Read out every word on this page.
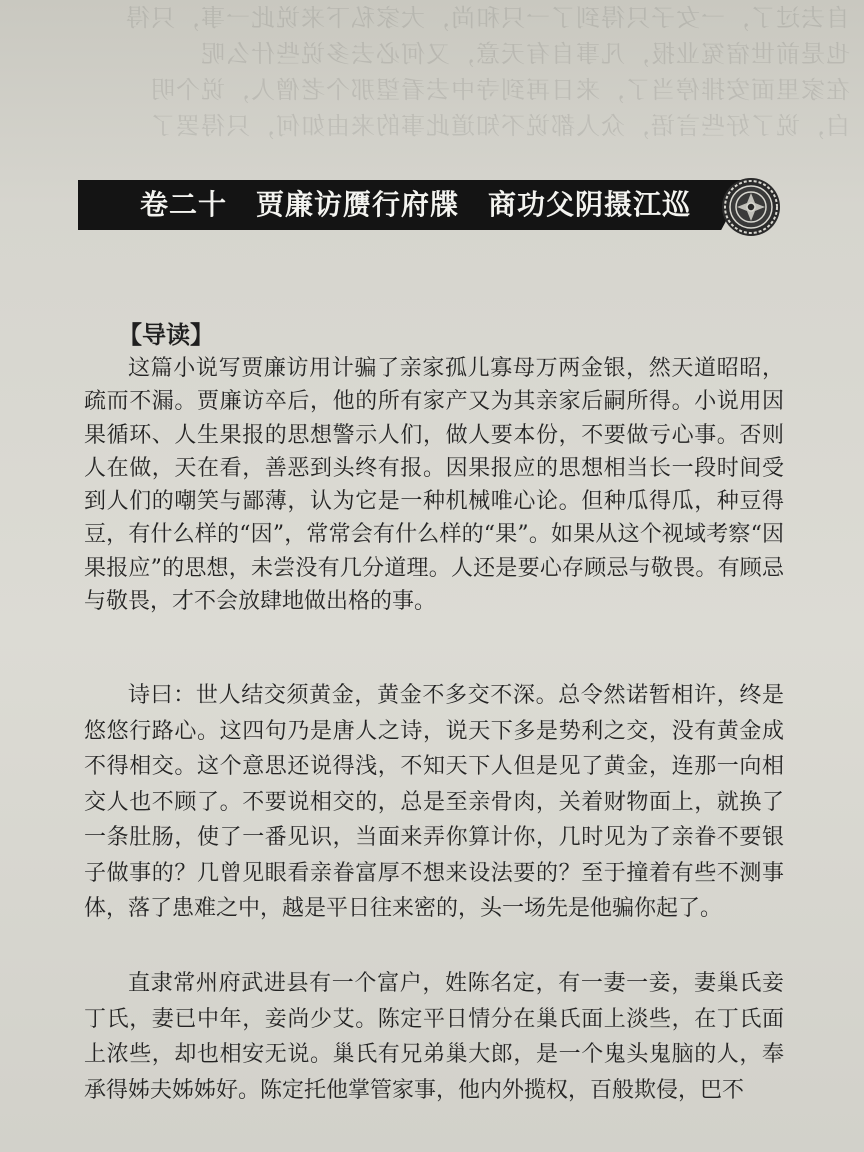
自去过了，一女子只得到了一只和尚，大家私下来说此一事，只得
也是前世宿冤业报，凡事自有天意，又何必去多说些什么呢
在家里面安排停当了，来日再到寺中去看望那个老僧人，说个明
白，说了好些言语，众人都说不知道此事的来由如何，只得罢了
卷二十　贾廉访赝行府牒　商功父阴摄江巡
【导读】

这篇小说写贾廉访用计骗了亲家孤儿寡母万两金银，然天道昭昭，疏而不漏。贾廉访卒后，他的所有家产又为其亲家后嗣所得。小说用因果循环、人生果报的思想警示人们，做人要本份，不要做亏心事。否则人在做，天在看，善恶到头终有报。因果报应的思想相当长一段时间受到人们的嘲笑与鄙薄，认为它是一种机械唯心论。但种瓜得瓜，种豆得豆，有什么样的“因”，常常会有什么样的“果”。如果从这个视域考察“因果报应”的思想，未尝没有几分道理。人还是要心存顾忌与敬畏。有顾忌与敬畏，才不会放肆地做出格的事。

诗曰：世人结交须黄金，黄金不多交不深。总令然诺暂相许，终是悠悠行路心。这四句乃是唐人之诗，说天下多是势利之交，没有黄金成不得相交。这个意思还说得浅，不知天下人但是见了黄金，连那一向相交人也不顾了。不要说相交的，总是至亲骨肉，关着财物面上，就换了一条肚肠，使了一番见识，当面来弄你算计你，几时见为了亲眷不要银子做事的？几曾见眼看亲眷富厚不想来设法要的？至于撞着有些不测事体，落了患难之中，越是平日往来密的，头一场先是他骗你起了。

直隶常州府武进县有一个富户，姓陈名定，有一妻一妾，妻巢氏妾丁氏，妻已中年，妾尚少艾。陈定平日情分在巢氏面上淡些，在丁氏面上浓些，却也相安无说。巢氏有兄弟巢大郎，是一个鬼头鬼脑的人，奉承得姊夫姊姊好。陈定托他掌管家事，他内外揽权，百般欺侵，巴不
